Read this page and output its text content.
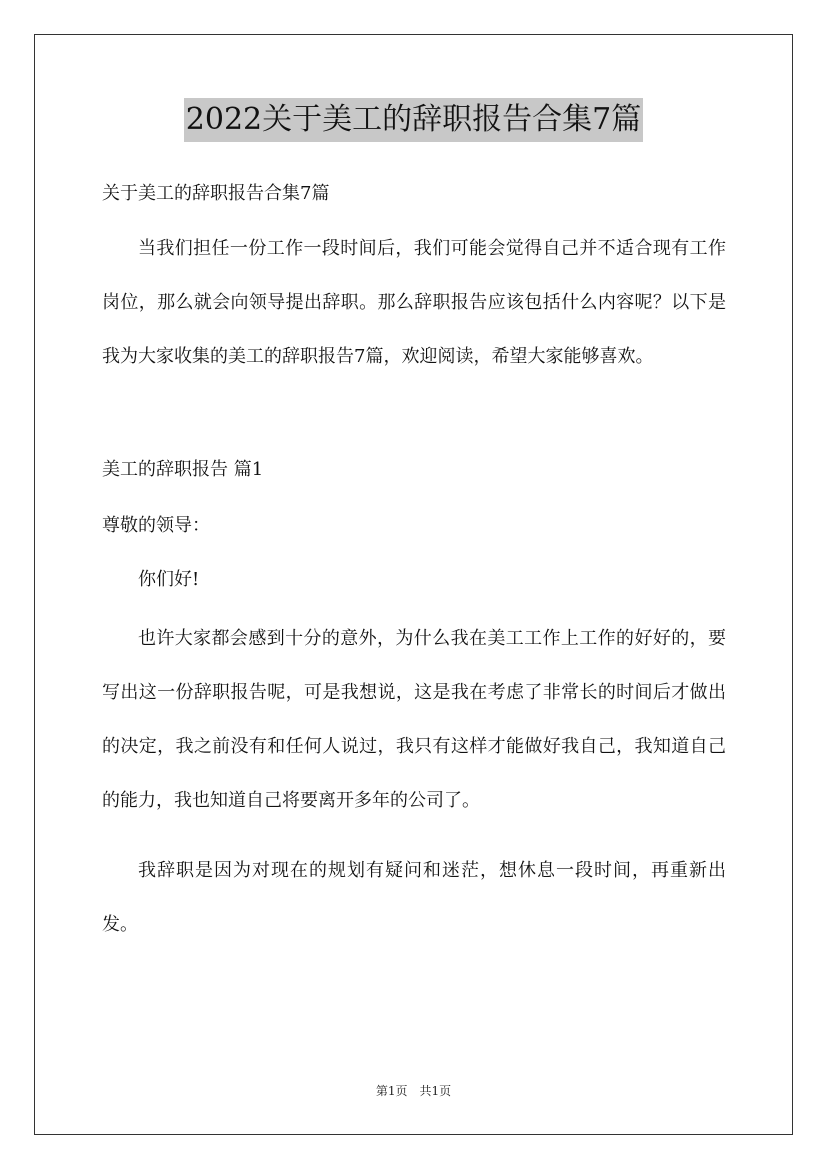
2022关于美工的辞职报告合集7篇

关于美工的辞职报告合集7篇

当我们担任一份工作一段时间后，我们可能会觉得自己并不适合现有工作岗位，那么就会向领导提出辞职。那么辞职报告应该包括什么内容呢？以下是我为大家收集的美工的辞职报告7篇，欢迎阅读，希望大家能够喜欢。

美工的辞职报告 篇1

尊敬的领导：

你们好!

也许大家都会感到十分的意外，为什么我在美工工作上工作的好好的，要写出这一份辞职报告呢，可是我想说，这是我在考虑了非常长的时间后才做出的决定，我之前没有和任何人说过，我只有这样才能做好我自己，我知道自己的能力，我也知道自己将要离开多年的公司了。

我辞职是因为对现在的规划有疑问和迷茫，想休息一段时间，再重新出发。

第1页 共1页
